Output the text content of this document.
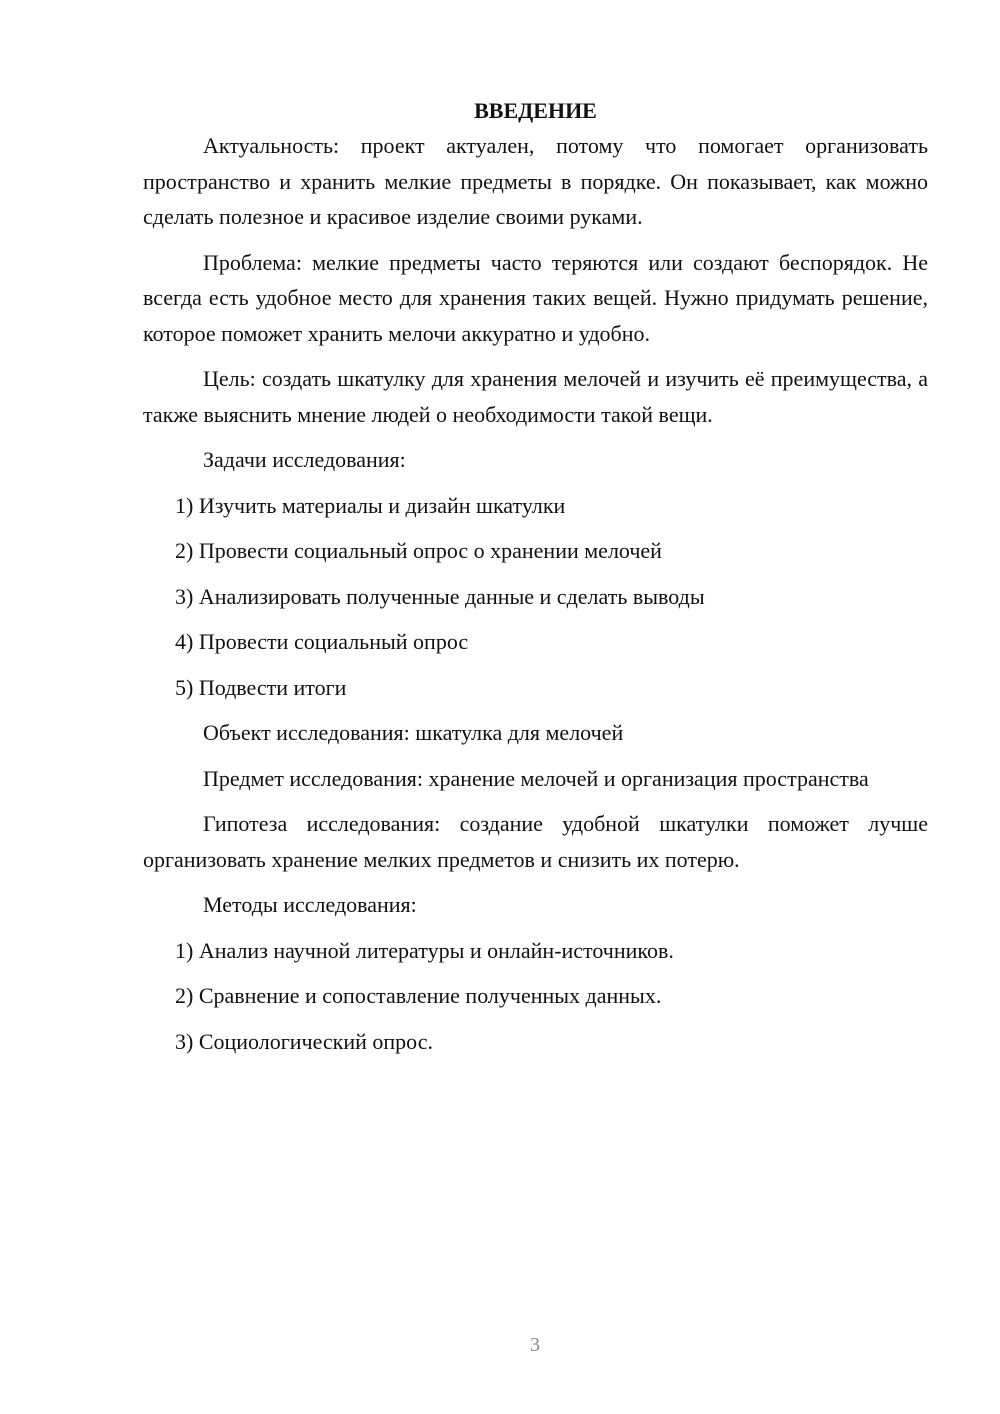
ВВЕДЕНИЕ

Актуальность: проект актуален, потому что помогает организовать пространство и хранить мелкие предметы в порядке. Он показывает, как можно сделать полезное и красивое изделие своими руками.

Проблема: мелкие предметы часто теряются или создают беспорядок. Не всегда есть удобное место для хранения таких вещей. Нужно придумать решение, которое поможет хранить мелочи аккуратно и удобно.

Цель: создать шкатулку для хранения мелочей и изучить её преимущества, а также выяснить мнение людей о необходимости такой вещи.

Задачи исследования:

1) Изучить материалы и дизайн шкатулки
2) Провести социальный опрос о хранении мелочей
3) Анализировать полученные данные и сделать выводы
4) Провести социальный опрос
5) Подвести итоги

Объект исследования: шкатулка для мелочей

Предмет исследования: хранение мелочей и организация пространства

Гипотеза исследования: создание удобной шкатулки поможет лучше организовать хранение мелких предметов и снизить их потерю.

Методы исследования:

1) Анализ научной литературы и онлайн-источников.
2) Сравнение и сопоставление полученных данных.
3) Социологический опрос.
3
